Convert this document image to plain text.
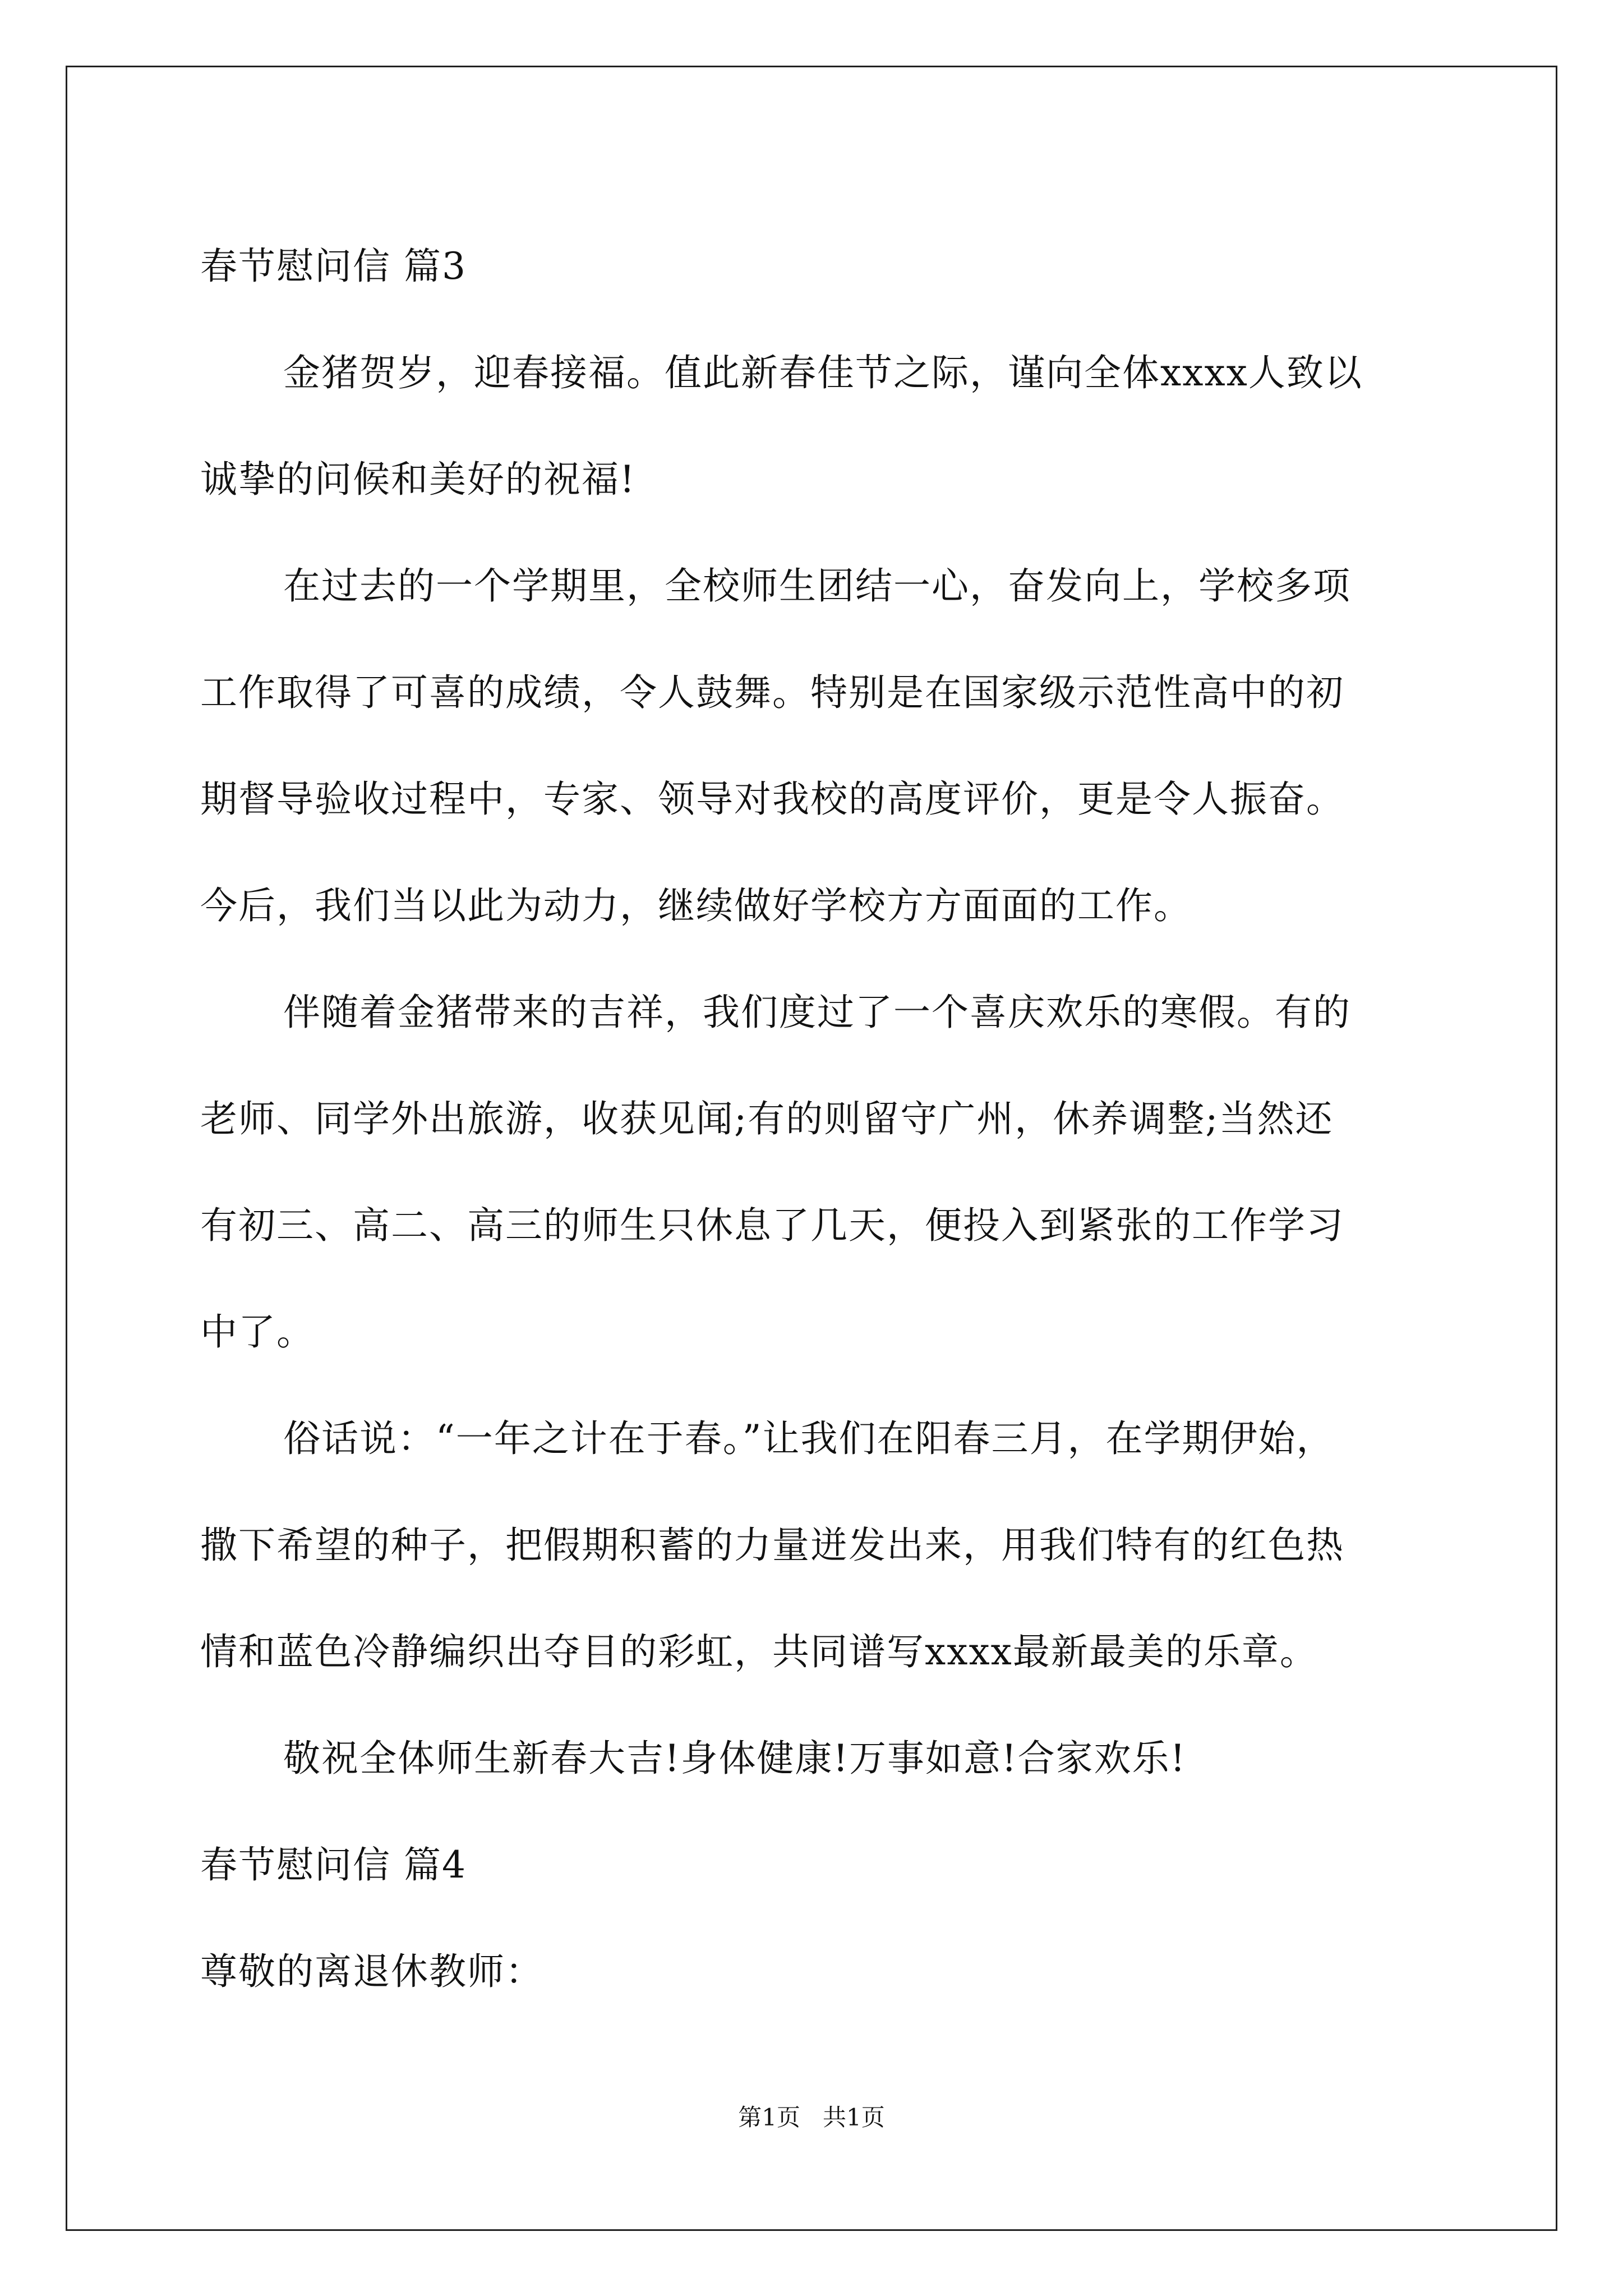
春节慰问信 篇3
金猪贺岁，迎春接福。值此新春佳节之际，谨向全体xxxx人致以
诚挚的问候和美好的祝福!
在过去的一个学期里，全校师生团结一心，奋发向上，学校多项
工作取得了可喜的成绩，令人鼓舞。特别是在国家级示范性高中的初
期督导验收过程中，专家、领导对我校的高度评价，更是令人振奋。
今后，我们当以此为动力，继续做好学校方方面面的工作。
伴随着金猪带来的吉祥，我们度过了一个喜庆欢乐的寒假。有的
老师、同学外出旅游，收获见闻;有的则留守广州，休养调整;当然还
有初三、高二、高三的师生只休息了几天，便投入到紧张的工作学习
中了。
俗话说：“一年之计在于春。”让我们在阳春三月，在学期伊始，
撒下希望的种子，把假期积蓄的力量迸发出来，用我们特有的红色热
情和蓝色冷静编织出夺目的彩虹，共同谱写xxxx最新最美的乐章。
敬祝全体师生新春大吉!身体健康!万事如意!合家欢乐!
春节慰问信 篇4
尊敬的离退休教师：
第1页   共1页
